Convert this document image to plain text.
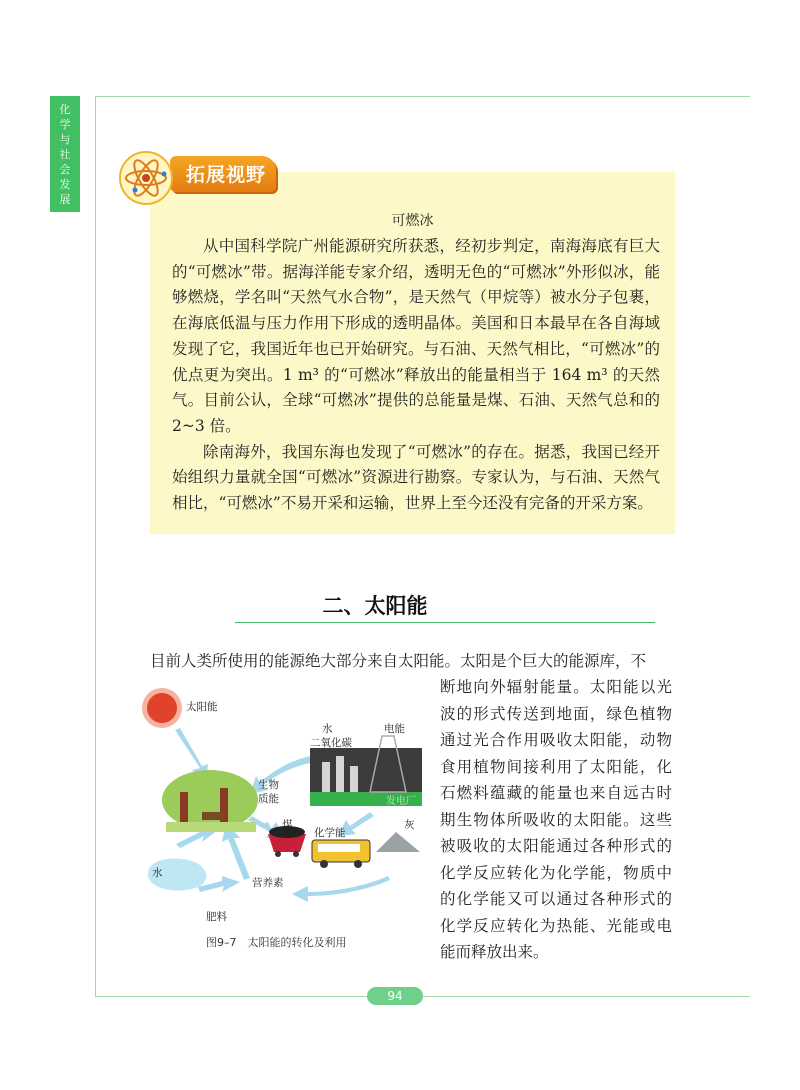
化
学
与
社
会
发
展
拓展视野
可燃冰

从中国科学院广州能源研究所获悉，经初步判定，南海海底有巨大的“可燃冰”带。据海洋能专家介绍，透明无色的“可燃冰”外形似冰，能够燃烧，学名叫“天然气水合物”，是天然气（甲烷等）被水分子包裹，在海底低温与压力作用下形成的透明晶体。美国和日本最早在各自海域发现了它，我国近年也已开始研究。与石油、天然气相比，“可燃冰”的优点更为突出。1 m³ 的“可燃冰”释放出的能量相当于 164 m³ 的天然气。目前公认，全球“可燃冰”提供的总能量是煤、石油、天然气总和的 2~3 倍。

除南海外，我国东海也发现了“可燃冰”的存在。据悉，我国已经开始组织力量就全国“可燃冰”资源进行勘察。专家认为，与石油、天然气相比，“可燃冰”不易开采和运输，世界上至今还没有完备的开采方案。

二、太阳能
目前人类所使用的能源绝大部分来自太阳能。太阳是个巨大的能源库，不
断地向外辐射能量。太阳能以光波的形式传送到地面，绿色植物通过光合作用吸收太阳能，动物食用植物间接利用了太阳能，化石燃料蕴藏的能量也来自远古时期生物体所吸收的太阳能。这些被吸收的太阳能通过各种形式的化学反应转化为化学能，物质中的化学能又可以通过各种形式的化学反应转化为热能、光能或电能而释放出来。
太阳能
生物
质能
水
二氧化碳
电能
发电厂
煤
化学能
灰
水
营养素
肥料
图9–7　太阳能的转化及利用
94
